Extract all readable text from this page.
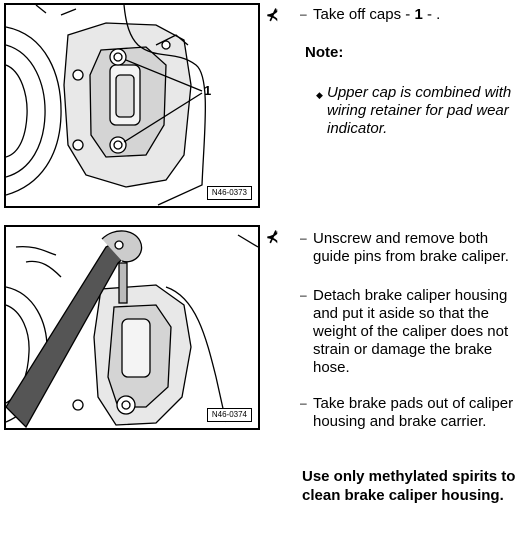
1
N46-0373
N46-0374
⊀ – Take off caps - 1 - .
Note:
◆ Upper cap is combined with wiring retainer for pad wear indicator.
⊀ – Unscrew and remove both guide pins from brake caliper.
– Detach brake caliper housing and put it aside so that the weight of the caliper does not strain or damage the brake hose.
– Take brake pads out of caliper housing and brake carrier.
Use only methylated spirits to clean brake caliper housing.
